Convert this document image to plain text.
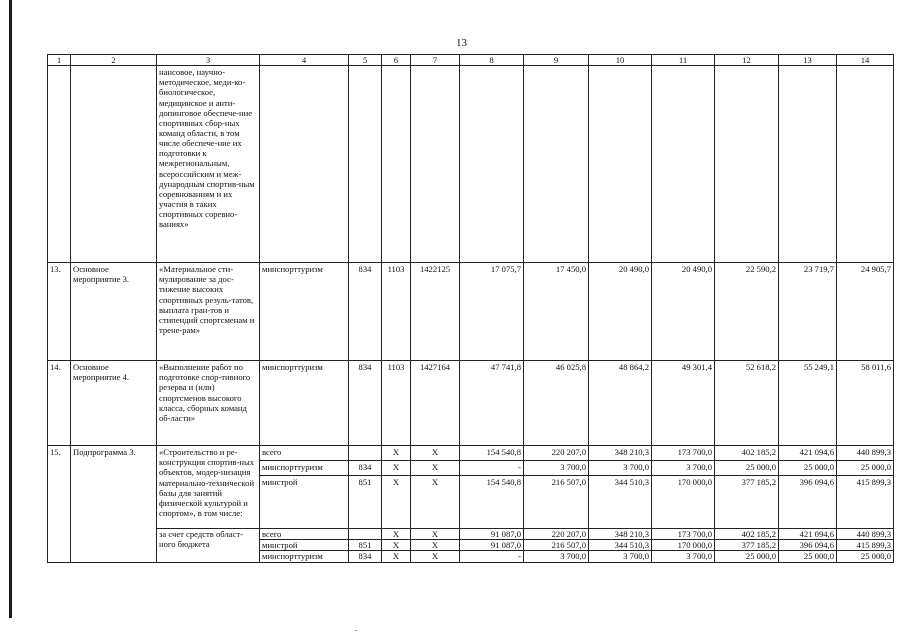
13
1	2	3	4	5	6	7	8	9	10	11	12	13	14
		нансовое, научно-методическое, меди-ко-биологическое, медицинское и анти-допинговое обеспече-ние спортивных сбор-ных команд области, в том числе обеспече-ние их подготовки к межрегиональным, всероссийским и меж-дународным спортив-ным соревнованиям и их участия в таких спортивных соревно-ваниях»											
13.	Основное мероприятие 3.	«Материальное сти-мулирование за дос-тижение высоких спортивных резуль-татов, выплата гран-тов и стипендий спортсменам и трене-рам»	минспорттуризм	834	1103	1422125	17 075,7	17 450,0	20 490,0	20 490,0	22 590,2	23 719,7	24 905,7
14.	Основное мероприятие 4.	«Выполнение работ по подготовке спор-тивного резерва и (или) спортсменов высокого класса, сборных команд об-ласти»	минспорттуризм	834	1103	1427164	47 741,8	46 025,8	48 864,2	49 301,4	52 618,2	55 249,1	58 011,6
15.	Подпрограмма 3.	«Строительство и ре-конструкция спортив-ных объектов, модер-низация материально-технической базы для занятий физической культурой и спортом», в том числе:	всего		Х	Х	154 540,8	220 207,0	348 210,3	173 700,0	402 185,2	421 094,6	440 899,3
			минспорттуризм	834	Х	Х	-	3 700,0	3 700,0	3 700,0	25 000,0	25 000,0	25 000,0
			минстрой	851	Х	Х	154 540,8	216 507,0	344 510,3	170 000,0	377 185,2	396 094,6	415 899,3
		за счет средств област-ного бюджета	всего		Х	Х	91 087,0	220 207,0	348 210,3	173 700,0	402 185,2	421 094,6	440 899,3
			минстрой	851	Х	Х	91 087,0	216 507,0	344 510,3	170 000,0	377 185,2	396 094,6	415 899,3
			минспорттуризм	834	Х	Х	-	3 700,0	3 700,0	3 700,0	25 000,0	25 000,0	25 000,0
